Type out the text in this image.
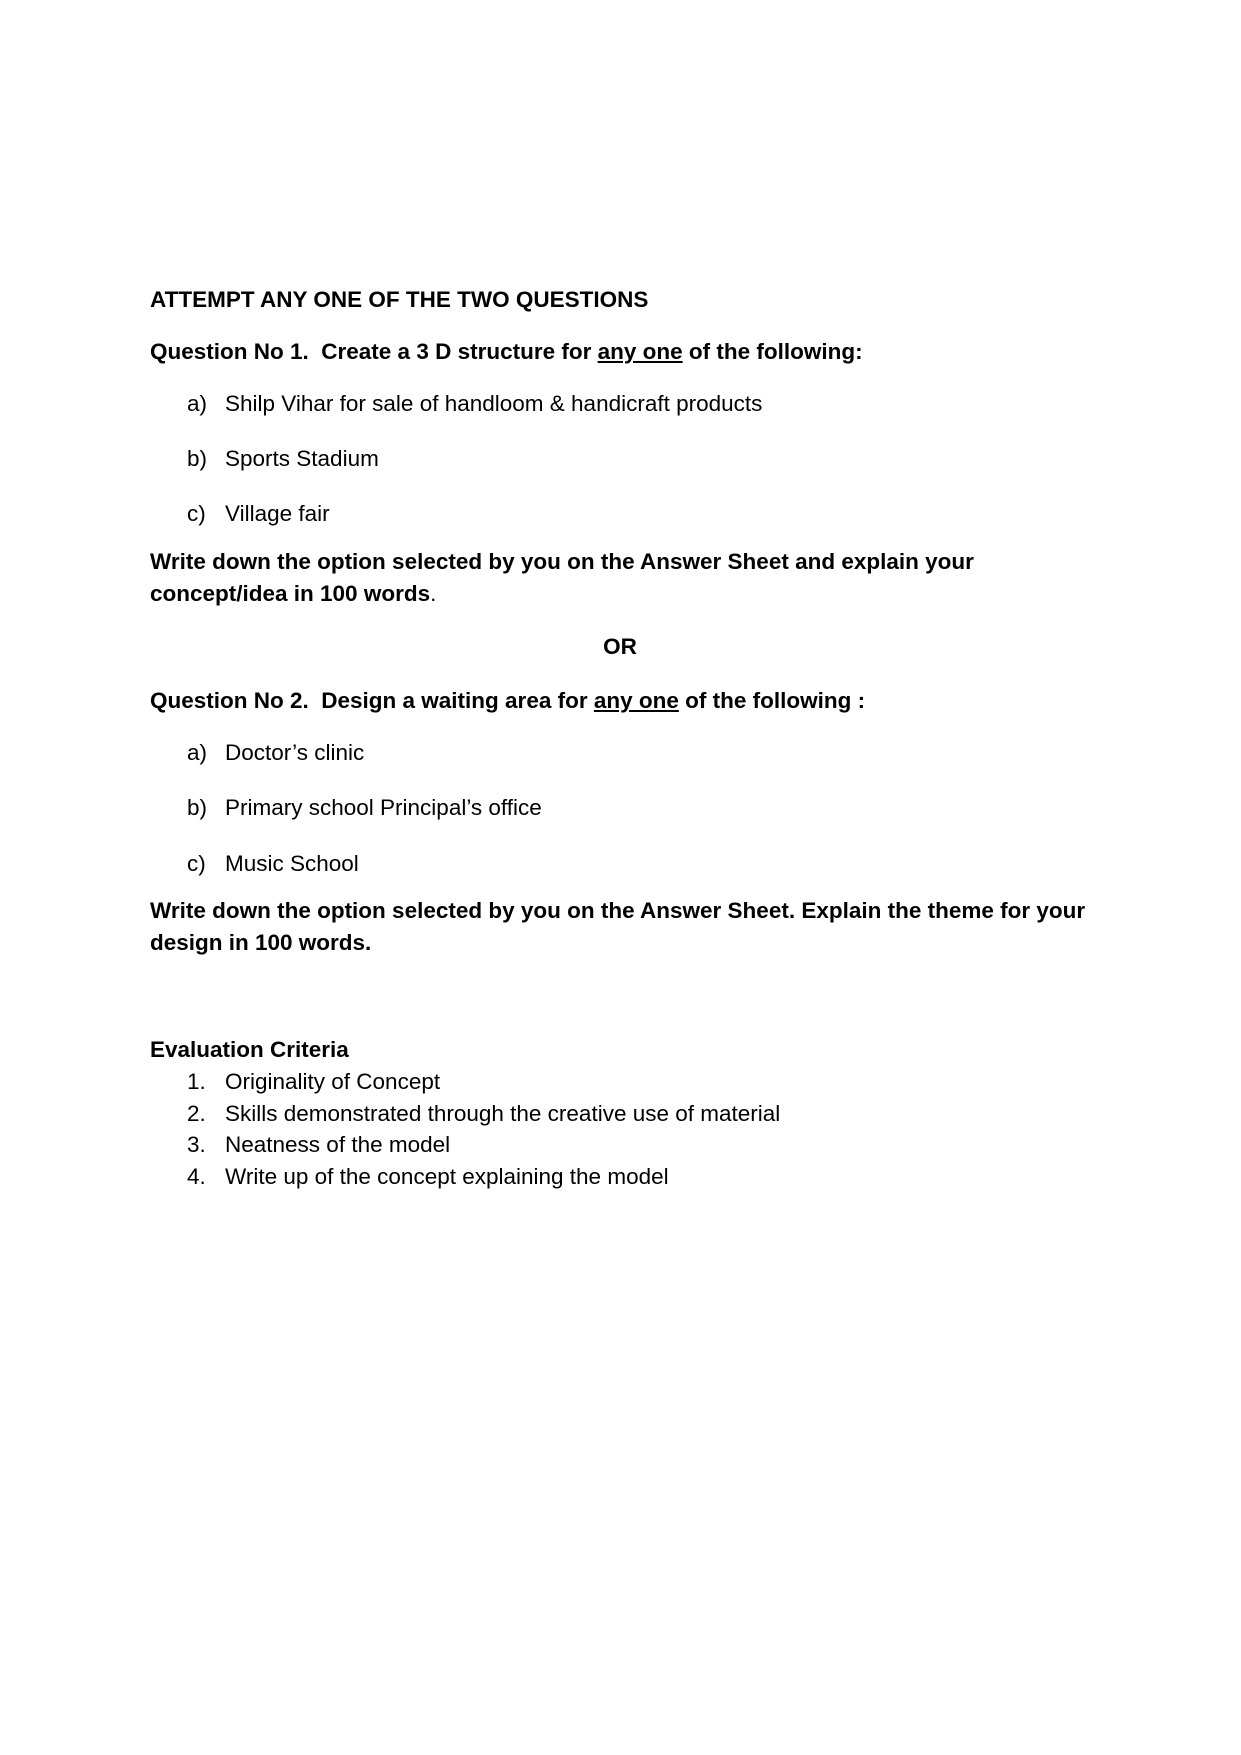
ATTEMPT ANY ONE OF THE TWO QUESTIONS
Question No 1.  Create a 3 D structure for any one of the following:
a) Shilp Vihar for sale of handloom & handicraft products
b) Sports Stadium
c) Village fair
Write down the option selected by you on the Answer Sheet and explain your concept/idea in 100 words.
OR
Question No 2.  Design a waiting area for any one of the following :
a) Doctor’s clinic
b) Primary school Principal’s office
c) Music School
Write down the option selected by you on the Answer Sheet. Explain the theme for your design in 100 words.
Evaluation Criteria
1. Originality of Concept
2. Skills demonstrated through the creative use of material
3. Neatness of the model
4. Write up of the concept explaining the model
